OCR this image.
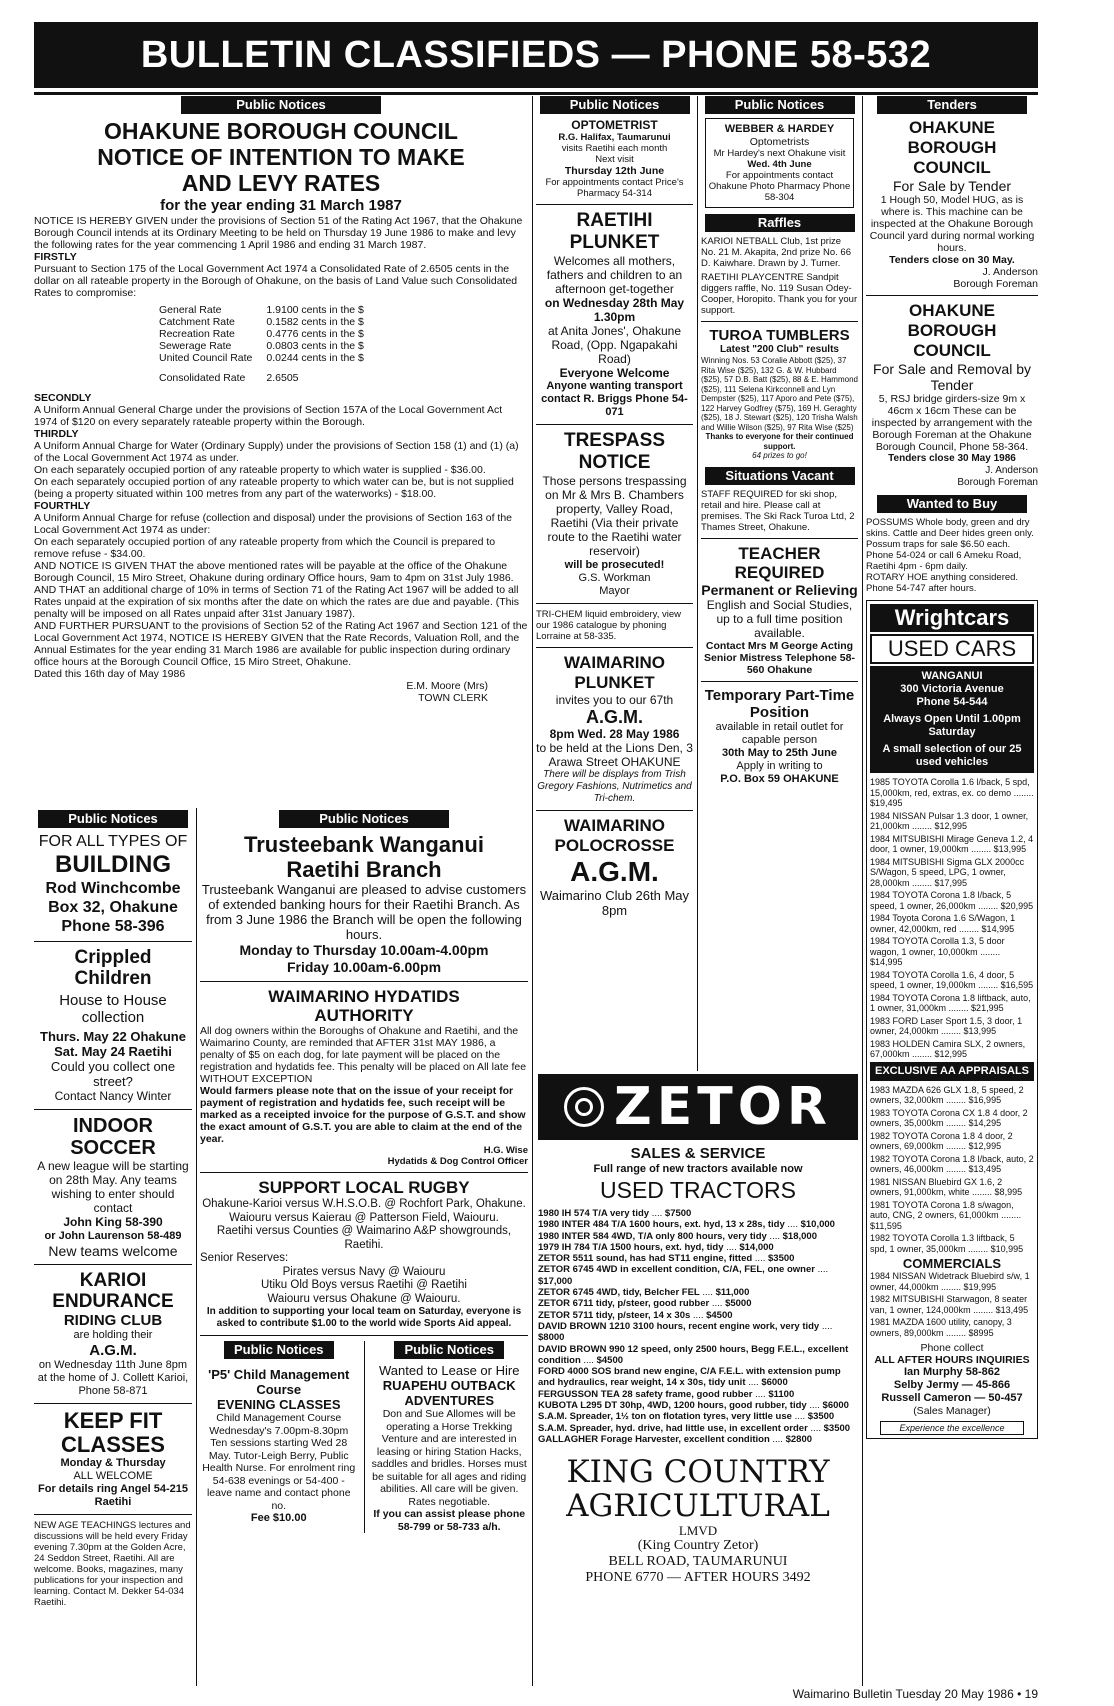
BULLETIN CLASSIFIEDS — PHONE 58-532
Public Notices
OHAKUNE BOROUGH COUNCIL
NOTICE OF INTENTION TO MAKE
AND LEVY RATES
for the year ending 31 March 1987

NOTICE IS HEREBY GIVEN under the provisions of Section 51 of the Rating Act 1967, that the Ohakune Borough Council intends at its Ordinary Meeting to be held on Thursday 19 June 1986 to make and levy the following rates for the year commencing 1 April 1986 and ending 31 March 1987.

FIRSTLY

Pursuant to Section 175 of the Local Government Act 1974 a Consolidated Rate of 2.6505 cents in the dollar on all rateable property in the Borough of Ohakune, on the basis of Land Value such Consolidated Rates to compromise:

General Rate	1.9100 cents in the $
Catchment Rate	0.1582 cents in the $
Recreation Rate	0.4776 cents in the $
Sewerage Rate	0.0803 cents in the $
United Council Rate	0.0244 cents in the $
Consolidated Rate	2.6505

SECONDLY

A Uniform Annual General Charge under the provisions of Section 157A of the Local Government Act 1974 of $120 on every separately rateable property within the Borough.

THIRDLY

A Uniform Annual Charge for Water (Ordinary Supply) under the provisions of Section 158 (1) and (1) (a) of the Local Government Act 1974 as under.

On each separately occupied portion of any rateable property to which water is supplied - $36.00.

On each separately occupied portion of any rateable property to which water can be, but is not supplied (being a property situated within 100 metres from any part of the waterworks) - $18.00.

FOURTHLY

A Uniform Annual Charge for refuse (collection and disposal) under the provisions of Section 163 of the Local Government Act 1974 as under:

On each separately occupied portion of any rateable property from which the Council is prepared to remove refuse - $34.00.

AND NOTICE IS GIVEN THAT the above mentioned rates will be payable at the office of the Ohakune Borough Council, 15 Miro Street, Ohakune during ordinary Office hours, 9am to 4pm on 31st July 1986.

AND THAT an additional charge of 10% in terms of Section 71 of the Rating Act 1967 will be added to all Rates unpaid at the expiration of six months after the date on which the rates are due and payable. (This penalty will be imposed on all Rates unpaid after 31st January 1987).

AND FURTHER PURSUANT to the provisions of Section 52 of the Rating Act 1967 and Section 121 of the Local Government Act 1974, NOTICE IS HEREBY GIVEN that the Rate Records, Valuation Roll, and the Annual Estimates for the year ending 31 March 1986 are available for public inspection during ordinary office hours at the Borough Council Office, 15 Miro Street, Ohakune.

Dated this 16th day of May 1986

E.M. Moore (Mrs)

TOWN CLERK

Public Notices
FOR ALL TYPES OF
BUILDING
Rod Winchcombe
Box 32, Ohakune
Phone 58-396
Crippled Children
House to House collection
Thurs. May 22 Ohakune
Sat. May 24 Raetihi
Could you collect one street?
Contact Nancy Winter
INDOOR SOCCER
A new league will be starting on 28th May. Any teams wishing to enter should contact
John King 58-390
or John Laurenson 58-489
New teams welcome
KARIOI ENDURANCE
RIDING CLUB
are holding their
A.G.M.
on Wednesday 11th June 8pm
at the home of J. Collett Karioi, Phone 58-871
KEEP FIT CLASSES
Monday & Thursday
ALL WELCOME
For details ring Angel 54-215 Raetihi
NEW AGE TEACHINGS lectures and discussions will be held every Friday evening 7.30pm at the Golden Acre, 24 Seddon Street, Raetihi. All are welcome. Books, magazines, many publications for your inspection and learning. Contact M. Dekker 54-034 Raetihi.
Public Notices
Trusteebank Wanganui
Raetihi Branch
Trusteebank Wanganui are pleased to advise customers of extended banking hours for their Raetihi Branch. As from 3 June 1986 the Branch will be open the following hours.
Monday to Thursday 10.00am-4.00pm
Friday 10.00am-6.00pm
WAIMARINO HYDATIDS
AUTHORITY
All dog owners within the Boroughs of Ohakune and Raetihi, and the Waimarino County, are reminded that AFTER 31st MAY 1986, a penalty of $5 on each dog, for late payment will be placed on the registration and hydatids fee. This penalty will be placed on All late fee WITHOUT EXCEPTION
Would farmers please note that on the issue of your receipt for payment of registration and hydatids fee, such receipt will be marked as a receipted invoice for the purpose of G.S.T. and show the exact amount of G.S.T. you are able to claim at the end of the year.
H.G. Wise
Hydatids & Dog Control Officer
SUPPORT LOCAL RUGBY
Ohakune-Karioi versus W.H.S.O.B. @ Rochfort Park, Ohakune.
Waiouru versus Kaierau @ Patterson Field, Waiouru.
Raetihi versus Counties @ Waimarino A&P showgrounds, Raetihi.
Senior Reserves:
Pirates versus Navy @ Waiouru
Utiku Old Boys versus Raetihi @ Raetihi
Waiouru versus Ohakune @ Waiouru.
In addition to supporting your local team on Saturday, everyone is asked to contribute $1.00 to the world wide Sports Aid appeal.
Public Notices
'P5' Child Management Course
EVENING CLASSES
Child Management Course Wednesday's 7.00pm-8.30pm Ten sessions starting Wed 28 May. Tutor-Leigh Berry, Public Health Nurse. For enrolment ring 54-638 evenings or 54-400 - leave name and contact phone no.
Fee $10.00
Public Notices
Wanted to Lease or Hire
RUAPEHU OUTBACK ADVENTURES
Don and Sue Allomes will be operating a Horse Trekking Venture and are interested in leasing or hiring Station Hacks, saddles and bridles. Horses must be suitable for all ages and riding abilities. All care will be given. Rates negotiable.
If you can assist please phone 58-799 or 58-733 a/h.
Public Notices
OPTOMETRIST
R.G. Halifax, Taumarunui
visits Raetihi each month
Next visit
Thursday 12th June
For appointments contact Price's Pharmacy 54-314
RAETIHI PLUNKET
Welcomes all mothers, fathers and children to an afternoon get-together
on Wednesday 28th May 1.30pm
at Anita Jones', Ohakune Road, (Opp. Ngapakahi Road)
Everyone Welcome
Anyone wanting transport contact R. Briggs Phone 54-071
TRESPASS NOTICE
Those persons trespassing on Mr & Mrs B. Chambers property, Valley Road, Raetihi (Via their private route to the Raetihi water reservoir)
will be prosecuted!
G.S. Workman
Mayor
TRI-CHEM liquid embroidery, view our 1986 catalogue by phoning Lorraine at 58-335.
WAIMARINO PLUNKET
invites you to our 67th
A.G.M.
8pm Wed. 28 May 1986
to be held at the Lions Den, 3 Arawa Street OHAKUNE
There will be displays from Trish Gregory Fashions, Nutrimetics and Tri-chem.
WAIMARINO POLOCROSSE
A.G.M.
Waimarino Club 26th May 8pm
Public Notices
WEBBER & HARDEY
Optometrists
Mr Hardey's next Ohakune visit
Wed. 4th June
For appointments contact Ohakune Photo Pharmacy Phone 58-304
Raffles
KARIOI NETBALL Club, 1st prize No. 21 M. Akapita, 2nd prize No. 66 D. Kaiwhare. Drawn by J. Turner.
RAETIHI PLAYCENTRE Sandpit diggers raffle, No. 119 Susan Odey-Cooper, Horopito. Thank you for your support.
TUROA TUMBLERS
Latest "200 Club" results
Winning Nos. 53 Coralie Abbott ($25), 37 Rita Wise ($25), 132 G. & W. Hubbard ($25), 57 D.B. Batt ($25), 88 & E. Hammond ($25), 111 Selena Kirkconnell and Lyn Dempster ($25), 117 Aporo and Pete ($75), 122 Harvey Godfrey ($75), 169 H. Geraghty ($25), 18 J. Stewart ($25), 120 Trisha Walsh and Willie Wilson ($25), 97 Rita Wise ($25)
Thanks to everyone for their continued support.
64 prizes to go!
Situations Vacant
STAFF REQUIRED for ski shop, retail and hire. Please call at premises. The Ski Rack Turoa Ltd, 2 Thames Street, Ohakune.
TEACHER REQUIRED
Permanent or Relieving
English and Social Studies, up to a full time position available.
Contact Mrs M George Acting Senior Mistress Telephone 58-560 Ohakune
Temporary Part-Time Position
available in retail outlet for capable person
30th May to 25th June
Apply in writing to
P.O. Box 59 OHAKUNE
ZETOR
SALES & SERVICE
Full range of new tractors available now
USED TRACTORS

1980 IH 574 T/A very tidy .... $7500

1980 INTER 484 T/A 1600 hours, ext. hyd, 13 x 28s, tidy .... $10,000

1980 INTER 584 4WD, T/A only 800 hours, very tidy .... $18,000

1979 IH 784 T/A 1500 hours, ext. hyd, tidy .... $14,000

ZETOR 5511 sound, has had ST11 engine, fitted .... $3500

ZETOR 6745 4WD in excellent condition, C/A, FEL, one owner .... $17,000

ZETOR 6745 4WD, tidy, Belcher FEL .... $11,000

ZETOR 6711 tidy, p/steer, good rubber .... $5000

ZETOR 5711 tidy, p/steer, 14 x 30s .... $4500

DAVID BROWN 1210 3100 hours, recent engine work, very tidy .... $8000

DAVID BROWN 990 12 speed, only 2500 hours, Begg F.E.L., excellent condition .... $4500

FORD 4000 SOS brand new engine, C/A F.E.L. with extension pump and hydraulics, rear weight, 14 x 30s, tidy unit .... $6000

FERGUSSON TEA 28 safety frame, good rubber .... $1100

KUBOTA L295 DT 30hp, 4WD, 1200 hours, good rubber, tidy .... $6000

S.A.M. Spreader, 1½ ton on flotation tyres, very little use .... $3500

S.A.M. Spreader, hyd. drive, had little use, in excellent order .... $3500

GALLAGHER Forage Harvester, excellent condition .... $2800

KING COUNTRY
AGRICULTURAL
LMVD
(King Country Zetor)
BELL ROAD, TAUMARUNUI
PHONE 6770 — AFTER HOURS 3492
Tenders
OHAKUNE BOROUGH COUNCIL
For Sale by Tender
1 Hough 50, Model HUG, as is where is. This machine can be inspected at the Ohakune Borough Council yard during normal working hours.
Tenders close on 30 May.
J. Anderson
Borough Foreman
OHAKUNE BOROUGH COUNCIL
For Sale and Removal by Tender
5, RSJ bridge girders-size 9m x 46cm x 16cm These can be inspected by arrangement with the Borough Foreman at the Ohakune Borough Council, Phone 58-364.
Tenders close 30 May 1986
J. Anderson
Borough Foreman
Wanted to Buy
POSSUMS Whole body, green and dry skins. Cattle and Deer hides green only. Possum traps for sale $6.50 each. Phone 54-024 or call 6 Ameku Road, Raetihi 4pm - 6pm daily.
ROTARY HOE anything considered. Phone 54-747 after hours.
Wrightcars
USED CARS
WANGANUI
300 Victoria Avenue
Phone 54-544
Always Open Until 1.00pm Saturday
A small selection of our 25 used vehicles

1985 TOYOTA Corolla 1.6 l/back, 5 spd, 15,000km, red, extras, ex. co demo ........ $19,495

1984 NISSAN Pulsar 1.3 door, 1 owner, 21,000km ........ $12,995

1984 MITSUBISHI Mirage Geneva 1.2, 4 door, 1 owner, 19,000km ........ $13,995

1984 MITSUBISHI Sigma GLX 2000cc S/Wagon, 5 speed, LPG, 1 owner, 28,000km ........ $17,995

1984 TOYOTA Corona 1.8 l/back, 5 speed, 1 owner, 26,000km ........ $20,995

1984 Toyota Corona 1.6 S/Wagon, 1 owner, 42,000km, red ........ $14,995

1984 TOYOTA Corolla 1.3, 5 door wagon, 1 owner, 10,000km ........ $14,995

1984 TOYOTA Corolla 1.6, 4 door, 5 speed, 1 owner, 19,000km ........ $16,595

1984 TOYOTA Corona 1.8 liftback, auto, 1 owner, 31,000km ........ $21,995

1983 FORD Laser Sport 1.5, 3 door, 1 owner, 24,000km ........ $13,995

1983 HOLDEN Camira SLX, 2 owners, 67,000km ........ $12,995

EXCLUSIVE AA APPRAISALS

1983 MAZDA 626 GLX 1.8, 5 speed, 2 owners, 32,000km ........ $16,995

1983 TOYOTA Corona CX 1.8 4 door, 2 owners, 35,000km ........ $14,295

1982 TOYOTA Corona 1.8 4 door, 2 owners, 69,000km ........ $12,995

1982 TOYOTA Corona 1.8 l/back, auto, 2 owners, 46,000km ........ $13,495

1981 NISSAN Bluebird GX 1.6, 2 owners, 91,000km, white ........ $8,995

1981 TOYOTA Corona 1.8 s/wagon, auto, CNG, 2 owners, 61,000km ........ $11,595

1982 TOYOTA Corolla 1.3 liftback, 5 spd, 1 owner, 35,000km ........ $10,995

COMMERCIALS

1984 NISSAN Widetrack Bluebird s/w, 1 owner, 44,000km ........ $19,995

1982 MITSUBISHI Starwagon, 8 seater van, 1 owner, 124,000km ........ $13,495

1981 MAZDA 1600 utility, canopy, 3 owners, 89,000km ........ $8995

Phone collect
ALL AFTER HOURS INQUIRIES
Ian Murphy 58-862
Selby Jermy — 45-866
Russell Cameron — 50-457
(Sales Manager)
Experience the excellence
Waimarino Bulletin Tuesday 20 May 1986 • 19
